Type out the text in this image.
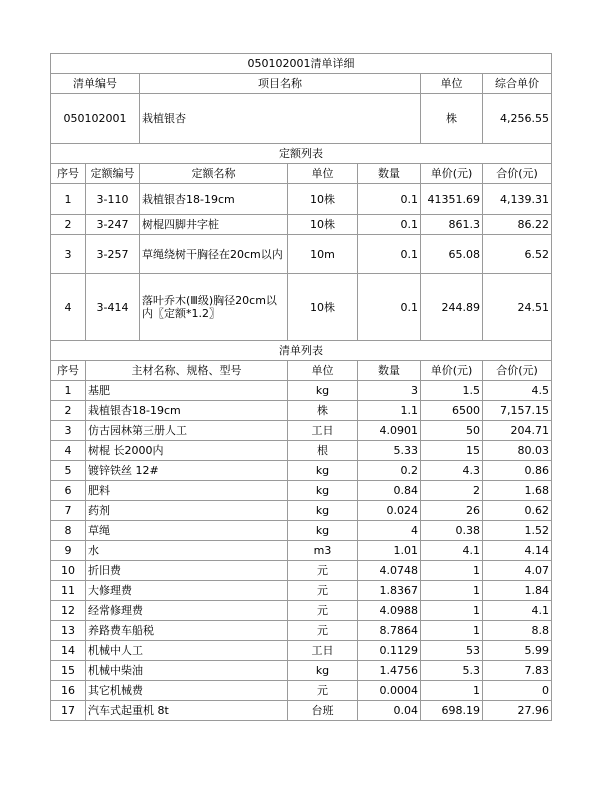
050102001清单详细						
清单编号		项目名称			单位	综合单价
050102001		栽植银杏			株	4,256.55
定额列表						
序号	定额编号	定额名称	单位	数量	单价(元)	合价(元)
1	3-110	栽植银杏18-19cm	10株	0.1	41351.69	4,139.31
2	3-247	树棍四脚井字桩	10株	0.1	861.3	86.22
3	3-257	草绳绕树干胸径在20cm以内	10m	0.1	65.08	6.52
4	3-414	落叶乔木(Ⅲ级)胸径20cm以内〖定额*1.2〗	10株	0.1	244.89	24.51
清单列表						
序号	主材名称、规格、型号		单位	数量	单价(元)	合价(元)
1	基肥		kg	3	1.5	4.5
2	栽植银杏18-19cm		株	1.1	6500	7,157.15
3	仿古园林第三册人工		工日	4.0901	50	204.71
4	树棍 长2000内		根	5.33	15	80.03
5	镀锌铁丝 12#		kg	0.2	4.3	0.86
6	肥料		kg	0.84	2	1.68
7	药剂		kg	0.024	26	0.62
8	草绳		kg	4	0.38	1.52
9	水		m3	1.01	4.1	4.14
10	折旧费		元	4.0748	1	4.07
11	大修理费		元	1.8367	1	1.84
12	经常修理费		元	4.0988	1	4.1
13	养路费车船税		元	8.7864	1	8.8
14	机械中人工		工日	0.1129	53	5.99
15	机械中柴油		kg	1.4756	5.3	7.83
16	其它机械费		元	0.0004	1	0
17	汽车式起重机 8t		台班	0.04	698.19	27.96
